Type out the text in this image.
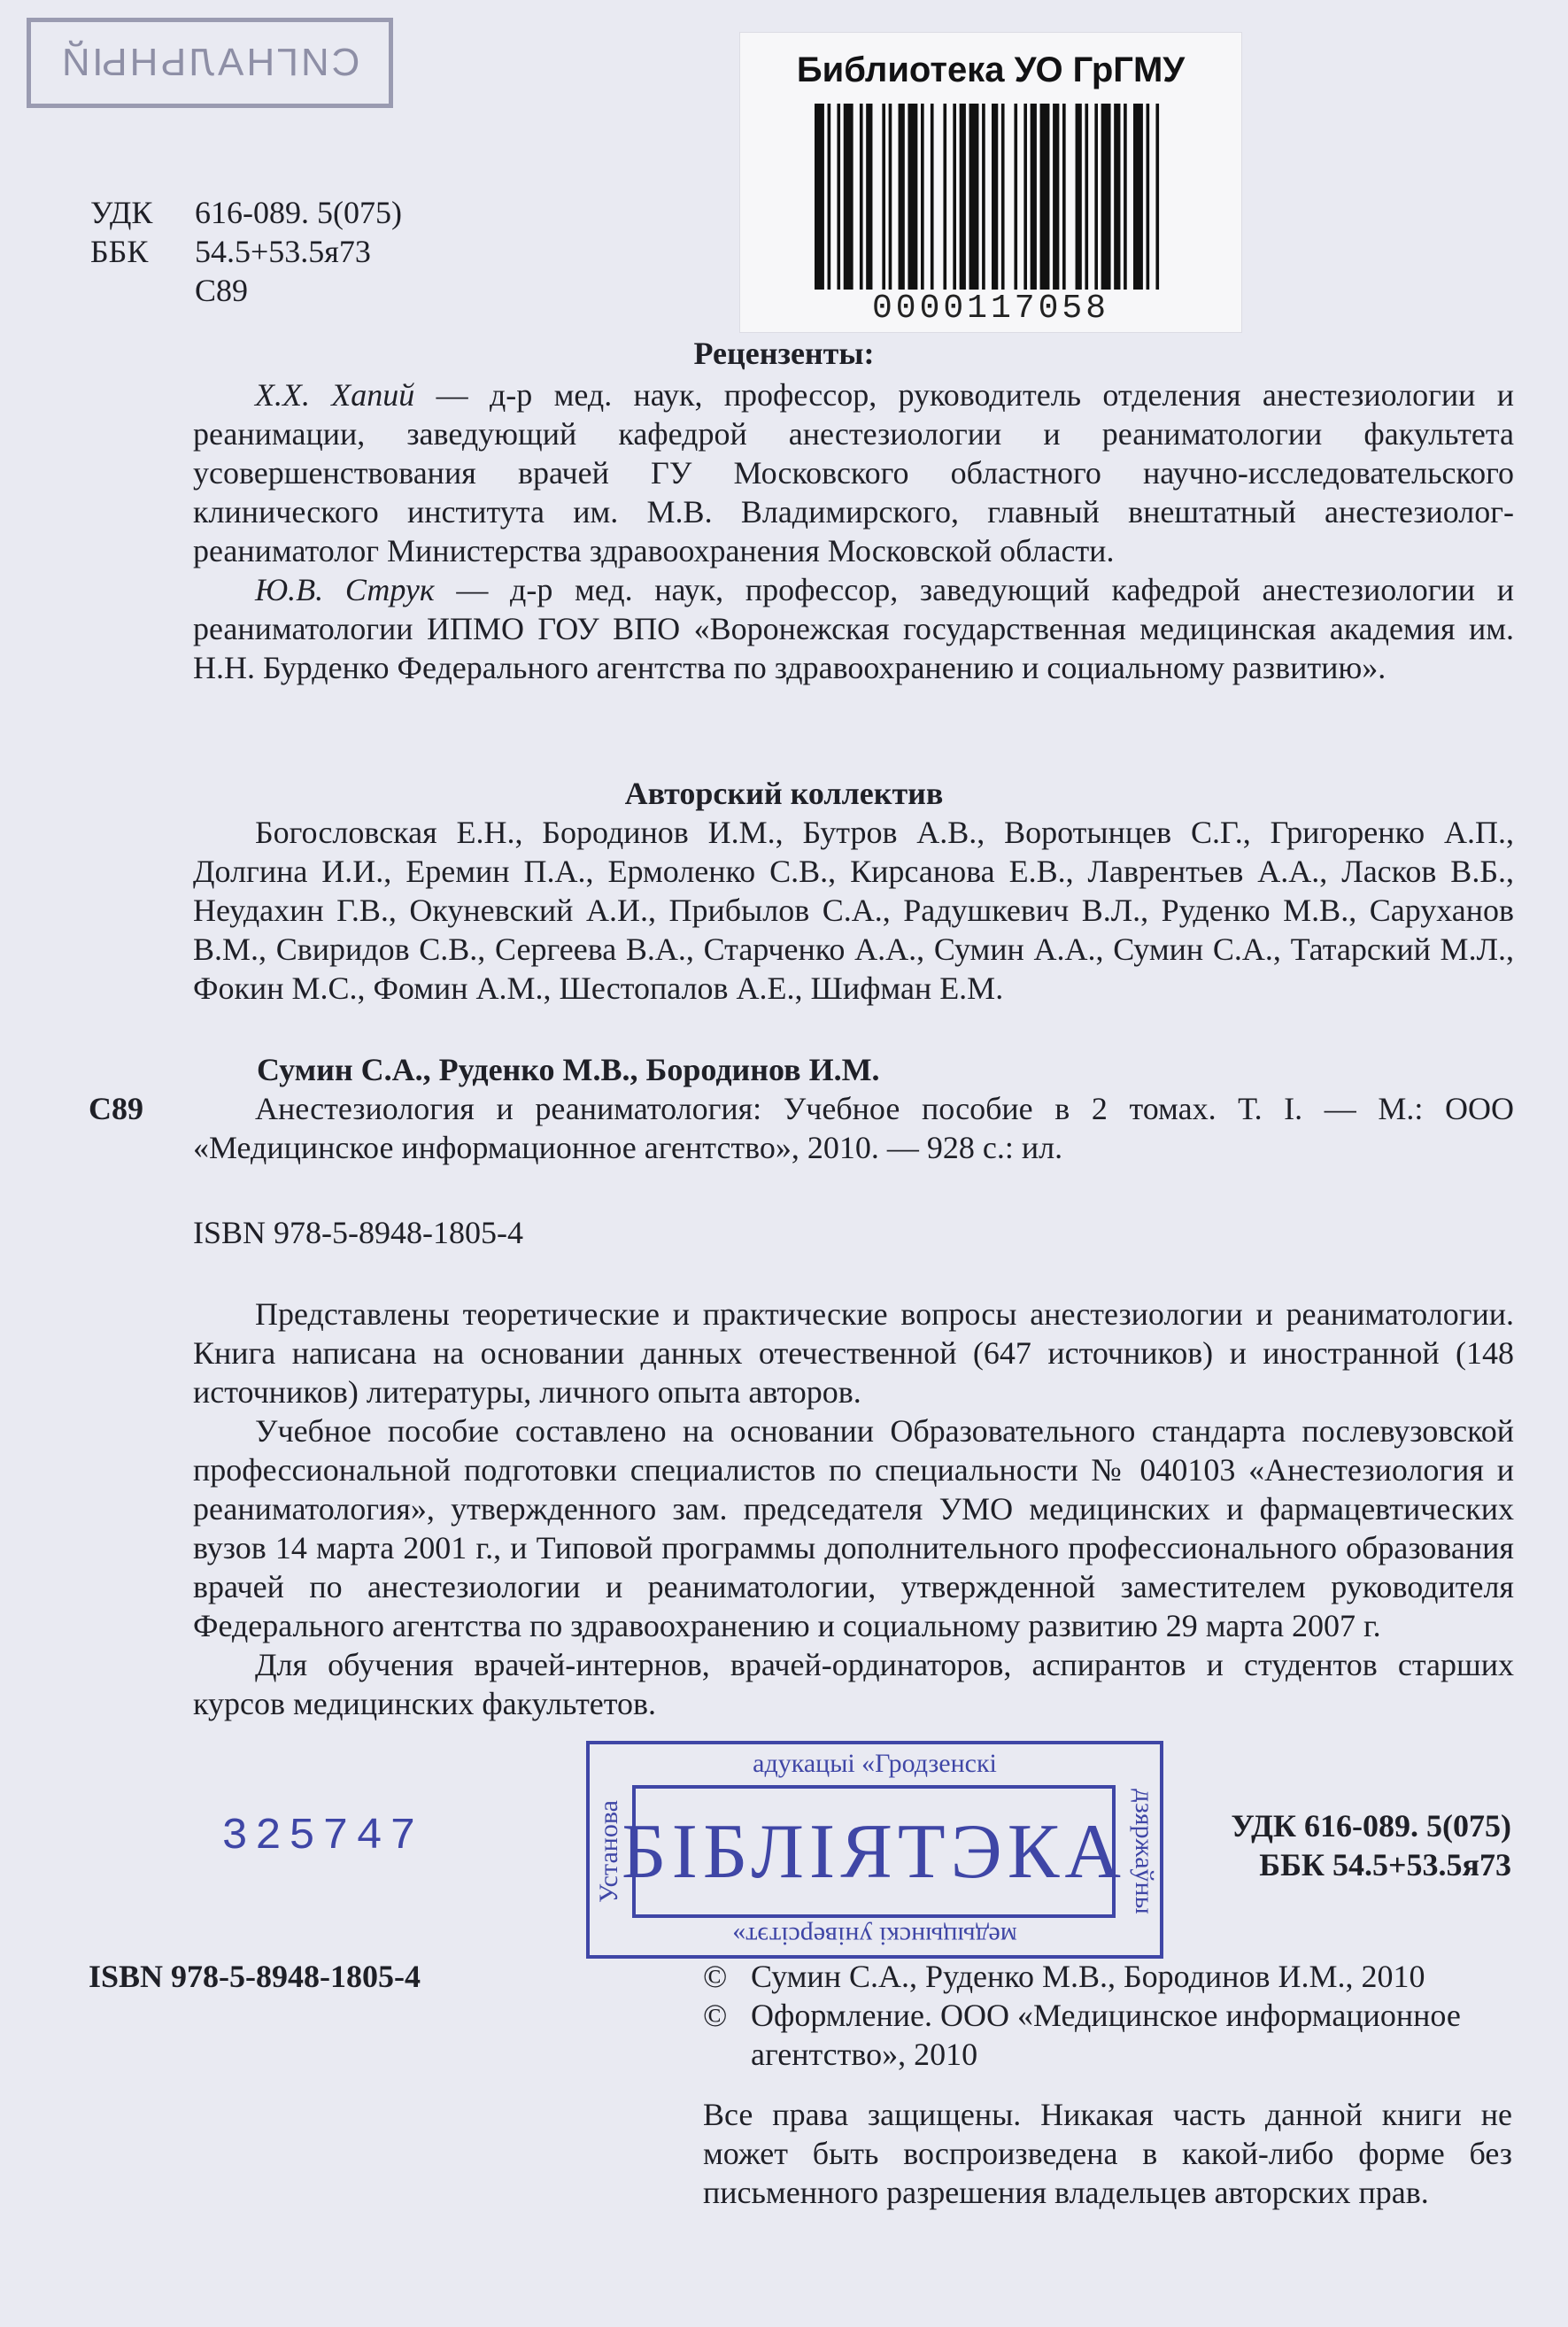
СИГНАЛЬНЫЙ	Библиотека УО ГрГМУ
0000117058
УДК 616-089. 5(075)
ББК 54.5+53.5я73
С89
Рецензенты:
Х.Х. Хапий — д-р мед. наук, профессор, руководитель отделения анестезиологии и реанимации, заведующий кафедрой анестезиологии и реаниматологии факультета усовершенствования врачей ГУ Московского областного научно-исследовательского клинического института им. М.В. Владимирского, главный внештатный анестезиолог-реаниматолог Министерства здравоохранения Московской области.
Ю.В. Струк — д-р мед. наук, профессор, заведующий кафедрой анестезиологии и реаниматологии ИПМО ГОУ ВПО «Воронежская государственная медицинская академия им. Н.Н. Бурденко Федерального агентства по здравоохранению и социальному развитию».
Авторский коллектив
Богословская Е.Н., Бородинов И.М., Бутров А.В., Воротынцев С.Г., Григоренко А.П., Долгина И.И., Еремин П.А., Ермоленко С.В., Кирсанова Е.В., Лаврентьев А.А., Ласков В.Б., Неудахин Г.В., Окуневский А.И., Прибылов С.А., Радушкевич В.Л., Руденко М.В., Саруханов В.М., Свиридов С.В., Сергеева В.А., Старченко А.А., Сумин А.А., Сумин С.А., Татарский М.Л., Фокин М.С., Фомин А.М., Шестопалов А.Е., Шифман Е.М.
Сумин С.А., Руденко М.В., Бородинов И.М.
С89	Анестезиология и реаниматология: Учебное пособие в 2 томах. Т. I. — М.: ООО «Медицинское информационное агентство», 2010. — 928 с.: ил.
ISBN 978-5-8948-1805-4
Представлены теоретические и практические вопросы анестезиологии и реаниматологии. Книга написана на основании данных отечественной (647 источников) и иностранной (148 источников) литературы, личного опыта авторов.
Учебное пособие составлено на основании Образовательного стандарта послевузовской профессиональной подготовки специалистов по специальности № 040103 «Анестезиология и реаниматология», утвержденного зам. председателя УМО медицинских и фармацевтических вузов 14 марта 2001 г., и Типовой программы дополнительного профессионального образования врачей по анестезиологии и реаниматологии, утвержденной заместителем руководителя Федерального агентства по здравоохранению и социальному развитию 29 марта 2007 г.
Для обучения врачей-интернов, врачей-ординаторов, аспирантов и студентов старших курсов медицинских факультетов.
325747
адукацыі «Гродзенскі
Установа
БІБЛІЯТЭКА дзяржаўны
медыцынскі універсітэт»
УДК 616-089. 5(075)
ББК 54.5+53.5я73
ISBN 978-5-8948-1805-4	© Сумин С.А., Руденко М.В., Бородинов И.М., 2010
© Оформление. ООО «Медицинское информационное агентство», 2010
Все права защищены. Никакая часть данной книги не может быть воспроизведена в какой-либо форме без письменного разрешения владельцев авторских прав.
